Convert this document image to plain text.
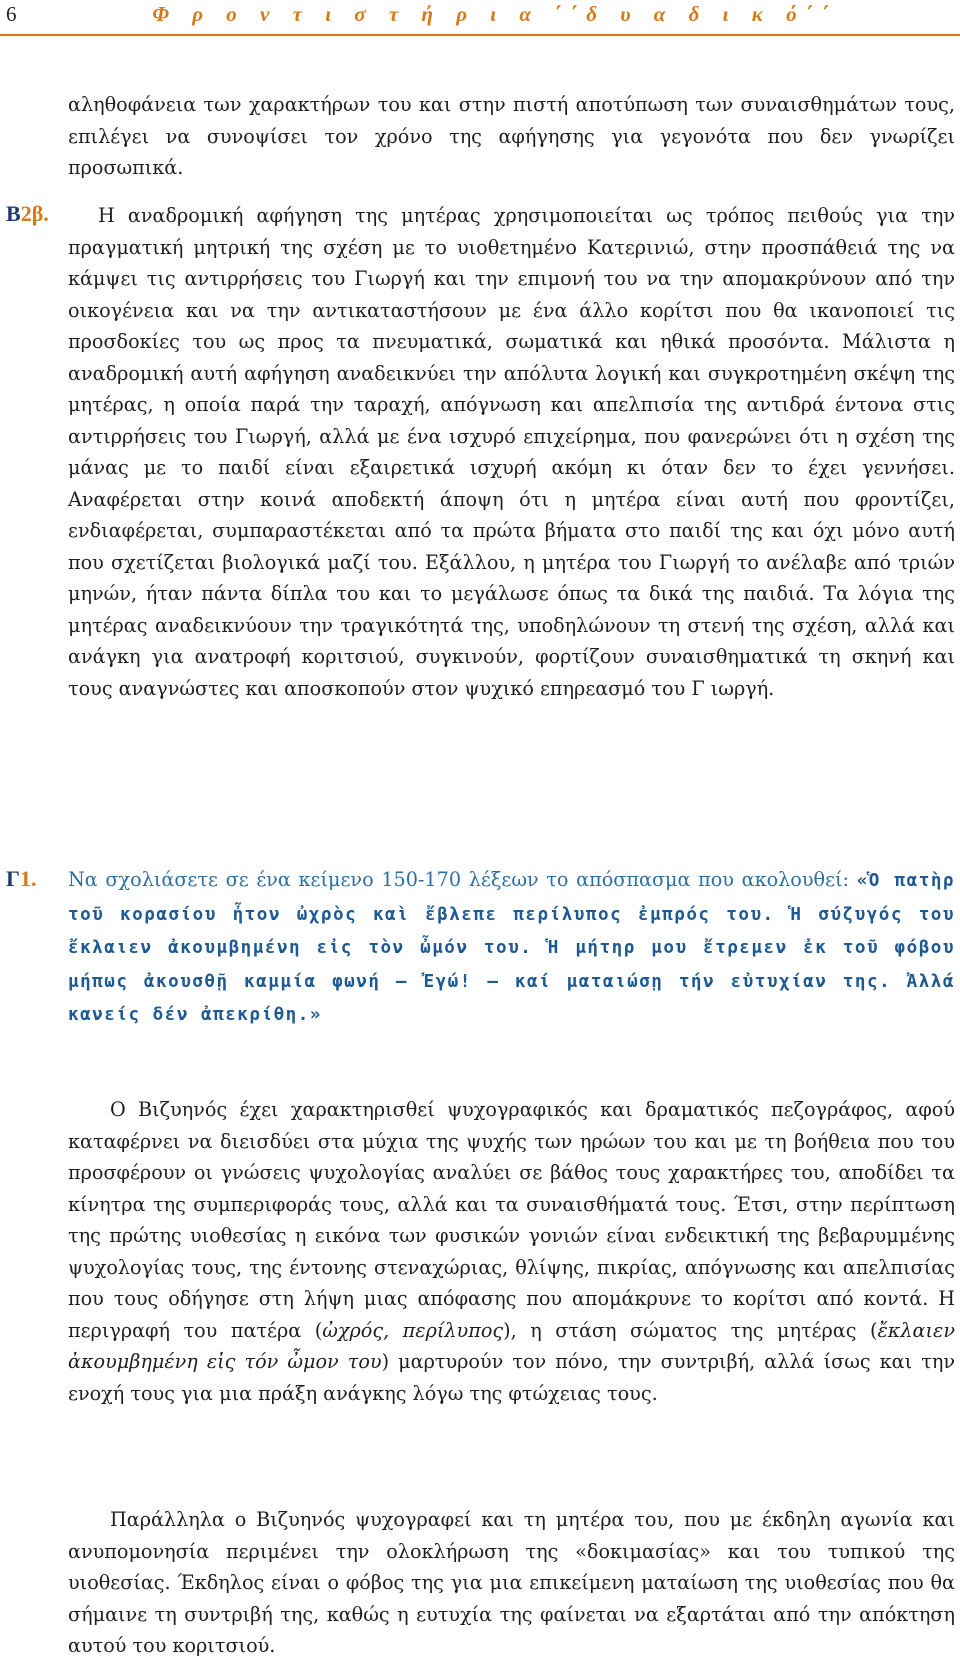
6	Φ ρ ο ν τ ι σ τ ή ρ ι α ΄΄δ υ α δ ι κ ό΄΄
αληθοφάνεια των χαρακτήρων του και στην πιστή αποτύπωση των συναισθημάτων τους, επιλέγει να συνοψίσει τον χρόνο της αφήγησης για γεγονότα που δεν γνωρίζει προσωπικά.
Β2β.	Η αναδρομική αφήγηση της μητέρας χρησιμοποιείται ως τρόπος πειθούς για την πραγματική μητρική της σχέση με το υιοθετημένο Κατερινιώ, στην προσπάθειά της να κάμψει τις αντιρρήσεις του Γιωργή και την επιμονή του να την απομακρύνουν από την οικογένεια και να την αντικαταστήσουν με ένα άλλο κορίτσι που θα ικανοποιεί τις προσδοκίες του ως προς τα πνευματικά, σωματικά και ηθικά προσόντα. Μάλιστα η αναδρομική αυτή αφήγηση αναδεικνύει την απόλυτα λογική και συγκροτημένη σκέψη της μητέρας, η οποία παρά την ταραχή, απόγνωση και απελπισία της αντιδρά έντονα στις αντιρρήσεις του Γιωργή, αλλά με ένα ισχυρό επιχείρημα, που φανερώνει ότι η σχέση της μάνας με το παιδί είναι εξαιρετικά ισχυρή ακόμη κι όταν δεν το έχει γεννήσει. Αναφέρεται στην κοινά αποδεκτή άποψη ότι η μητέρα είναι αυτή που φροντίζει, ενδιαφέρεται, συμπαραστέκεται από τα πρώτα βήματα στο παιδί της και όχι μόνο αυτή που σχετίζεται βιολογικά μαζί του. Εξάλλου, η μητέρα του Γιωργή το ανέλαβε από τριών μηνών, ήταν πάντα δίπλα του και το μεγάλωσε όπως τα δικά της παιδιά. Τα λόγια της μητέρας αναδεικνύουν την τραγικότητά της, υποδηλώνουν τη στενή της σχέση, αλλά και ανάγκη για ανατροφή κοριτσιού, συγκινούν, φορτίζουν συναισθηματικά τη σκηνή και τους αναγνώστες και αποσκοπούν στον ψυχικό επηρεασμό του Γ ιωργή.
Γ1. Να σχολιάσετε σε ένα κείμενο 150-170 λέξεων το απόσπασμα που ακολουθεί: «Ὁ πατὴρ τοῦ κορασίου ἦτον ὠχρὸς καὶ ἔβλεπε περίλυπος ἐμπρός του. Ἡ σύζυγός του ἔκλαιεν ἀκουμβημένη εἰς τὸν ὦμόν του. Ἡ μήτηρ μου ἔτρεμεν ἐκ τοῦ φόβου μήπως ἀκουσθῇ καμμία φωνή – Ἐγώ! – καί ματαιώσῃ τήν εὐτυχίαν της. Ἀλλά κανείς δέν ἀπεκρίθη.»
Ο Βιζυηνός έχει χαρακτηρισθεί ψυχογραφικός και δραματικός πεζογράφος, αφού καταφέρνει να διεισδύει στα μύχια της ψυχής των ηρώων του και με τη βοήθεια που του προσφέρουν οι γνώσεις ψυχολογίας αναλύει σε βάθος τους χαρακτήρες του, αποδίδει τα κίνητρα της συμπεριφοράς τους, αλλά και τα συναισθήματά τους. Έτσι, στην περίπτωση της πρώτης υιοθεσίας η εικόνα των φυσικών γονιών είναι ενδεικτική της βεβαρυμμένης ψυχολογίας τους, της έντονης στεναχώριας, θλίψης, πικρίας, απόγνωσης και απελπισίας που τους οδήγησε στη λήψη μιας απόφασης που απομάκρυνε το κορίτσι από κοντά. Η περιγραφή του πατέρα (ὠχρός, περίλυπος), η στάση σώματος της μητέρας (ἔκλαιεν ἀκουμβημένη εἰς τόν ὦμον του) μαρτυρούν τον πόνο, την συντριβή, αλλά ίσως και την ενοχή τους για μια πράξη ανάγκης λόγω της φτώχειας τους.
Παράλληλα ο Βιζυηνός ψυχογραφεί και τη μητέρα του, που με έκδηλη αγωνία και ανυπομονησία περιμένει την ολοκλήρωση της «δοκιμασίας» και του τυπικού της υιοθεσίας. Έκδηλος είναι ο φόβος της για μια επικείμενη ματαίωση της υιοθεσίας που θα σήμαινε τη συντριβή της, καθώς η ευτυχία της φαίνεται να εξαρτάται από την απόκτηση αυτού του κοριτσιού.
